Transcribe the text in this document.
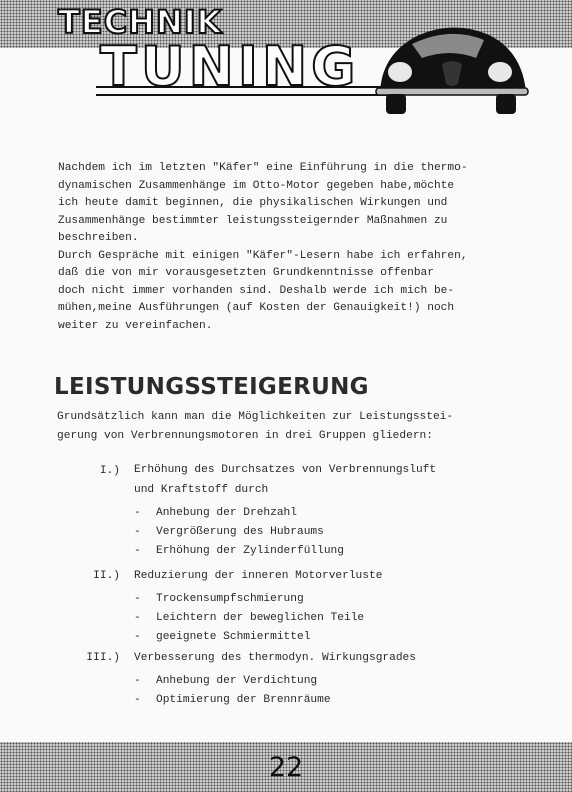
TECHNIK
TUNING

Nachdem ich im letzten "Käfer" eine Einführung in die thermo-
dynamischen Zusammenhänge im Otto-Motor gegeben habe,möchte
ich heute damit beginnen, die physikalischen Wirkungen und
Zusammenhänge bestimmter leistungssteigernder Maßnahmen zu
beschreiben.
Durch Gespräche mit einigen "Käfer"-Lesern habe ich erfahren,
daß die von mir vorausgesetzten Grundkenntnisse offenbar
doch nicht immer vorhanden sind. Deshalb werde ich mich be-
mühen,meine Ausführungen (auf Kosten der Genauigkeit!) noch
weiter zu vereinfachen.

LEISTUNGSSTEIGERUNG

Grundsätzlich kann man die Möglichkeiten zur Leistungsstei-
gerung von Verbrennungsmotoren in drei Gruppen gliedern:

I.) Erhöhung des Durchsatzes von Verbrennungsluft
und Kraftstoff durch

- Anhebung der Drehzahl
- Vergrößerung des Hubraums
- Erhöhung der Zylinderfüllung
II.) Reduzierung der inneren Motorverluste

- Trockensumpfschmierung
- Leichtern der beweglichen Teile
- geeignete Schmiermittel
III.) Verbesserung des thermodyn. Wirkungsgrades

- Anhebung der Verdichtung
- Optimierung der Brennräume
22
